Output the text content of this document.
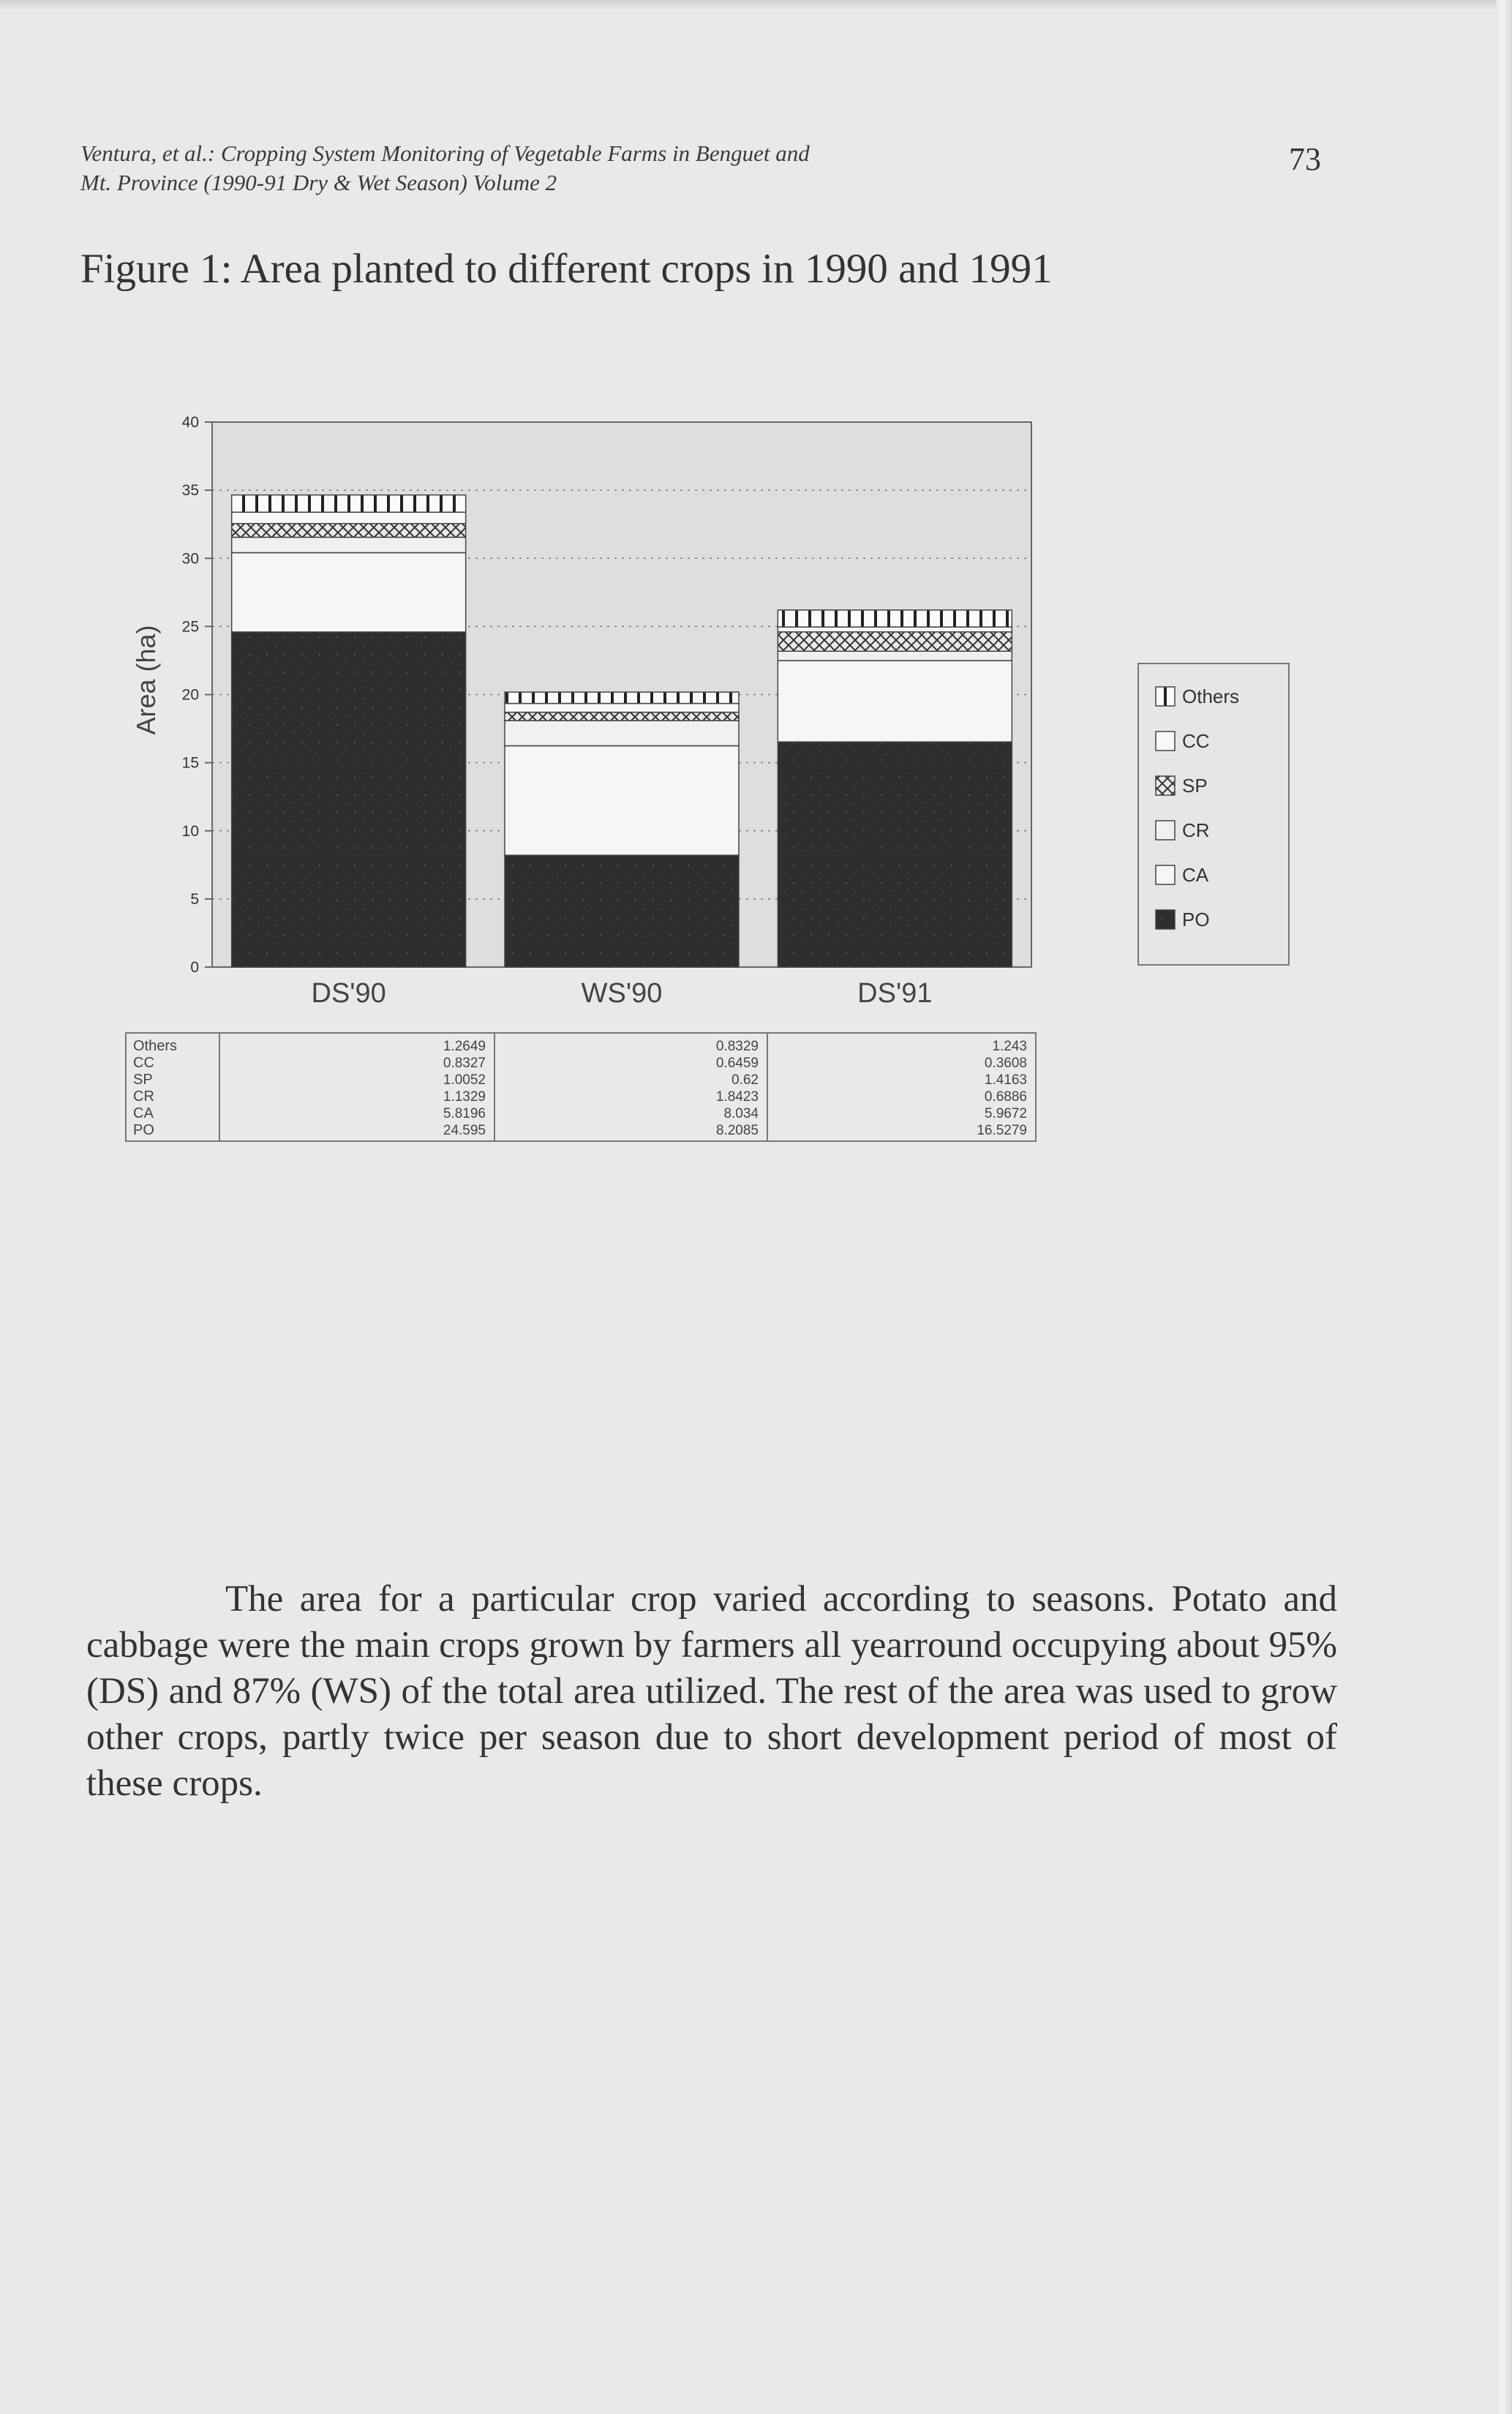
Ventura, et al.: Cropping System Monitoring of Vegetable Farms in Benguet and
Mt. Province (1990-91 Dry & Wet Season) Volume 2
73
Figure 1: Area planted to different crops in 1990 and 1991
0
5
10
15
20
25
30
35
40
Area (ha)
DS'90	WS'90	DS'91
Others
CC
SP
CR
CA
PO
Others	1.2649	0.8329	1.243
CC	0.8327	0.6459	0.3608
SP	1.0052	0.62	1.4163
CR	1.1329	1.8423	0.6886
CA	5.8196	8.034	5.9672
PO	24.595	8.2085	16.5279
The area for a particular crop varied according to seasons. Potato and cabbage were the main crops grown by farmers all yearround occupying about 95% (DS) and 87% (WS) of the total area utilized. The rest of the area was used to grow other crops, partly twice per season due to short development period of most of these crops.
